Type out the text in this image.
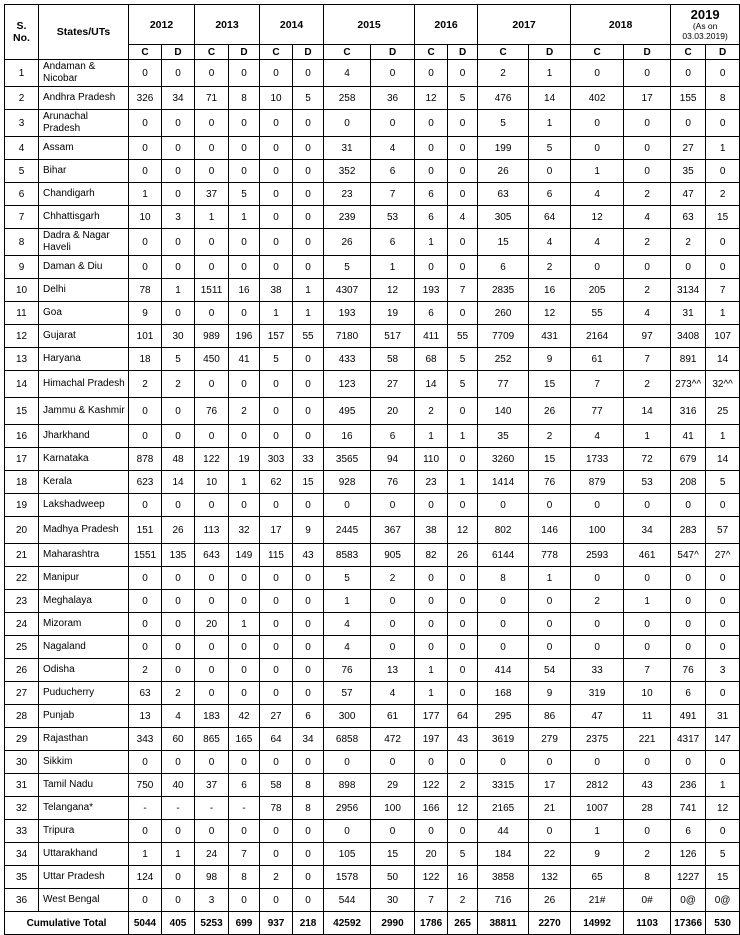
S. No.	States/UTs	2012		2013		2014		2015		2016		2017		2018		2019
(As on 03.03.2019)	

		C	D	C	D	C	D	C	D	C	D	C	D	C	D	C	D
1	Andaman & Nicobar	0	0	0	0	0	0	4	0	0	0	2	1	0	0	0	0
2	Andhra Pradesh	326	34	71	8	10	5	258	36	12	5	476	14	402	17	155	8
3	Arunachal Pradesh	0	0	0	0	0	0	0	0	0	0	5	1	0	0	0	0
4	Assam	0	0	0	0	0	0	31	4	0	0	199	5	0	0	27	1
5	Bihar	0	0	0	0	0	0	352	6	0	0	26	0	1	0	35	0
6	Chandigarh	1	0	37	5	0	0	23	7	6	0	63	6	4	2	47	2
7	Chhattisgarh	10	3	1	1	0	0	239	53	6	4	305	64	12	4	63	15
8	Dadra & Nagar Haveli	0	0	0	0	0	0	26	6	1	0	15	4	4	2	2	0
9	Daman & Diu	0	0	0	0	0	0	5	1	0	0	6	2	0	0	0	0
10	Delhi	78	1	1511	16	38	1	4307	12	193	7	2835	16	205	2	3134	7
11	Goa	9	0	0	0	1	1	193	19	6	0	260	12	55	4	31	1
12	Gujarat	101	30	989	196	157	55	7180	517	411	55	7709	431	2164	97	3408	107
13	Haryana	18	5	450	41	5	0	433	58	68	5	252	9	61	7	891	14
14	Himachal Pradesh	2	2	0	0	0	0	123	27	14	5	77	15	7	2	273^^	32^^
15	Jammu & Kashmir	0	0	76	2	0	0	495	20	2	0	140	26	77	14	316	25
16	Jharkhand	0	0	0	0	0	0	16	6	1	1	35	2	4	1	41	1
17	Karnataka	878	48	122	19	303	33	3565	94	110	0	3260	15	1733	72	679	14
18	Kerala	623	14	10	1	62	15	928	76	23	1	1414	76	879	53	208	5
19	Lakshadweep	0	0	0	0	0	0	0	0	0	0	0	0	0	0	0	0
20	Madhya Pradesh	151	26	113	32	17	9	2445	367	38	12	802	146	100	34	283	57
21	Maharashtra	1551	135	643	149	115	43	8583	905	82	26	6144	778	2593	461	547^	27^
22	Manipur	0	0	0	0	0	0	5	2	0	0	8	1	0	0	0	0
23	Meghalaya	0	0	0	0	0	0	1	0	0	0	0	0	2	1	0	0
24	Mizoram	0	0	20	1	0	0	4	0	0	0	0	0	0	0	0	0
25	Nagaland	0	0	0	0	0	0	4	0	0	0	0	0	0	0	0	0
26	Odisha	2	0	0	0	0	0	76	13	1	0	414	54	33	7	76	3
27	Puducherry	63	2	0	0	0	0	57	4	1	0	168	9	319	10	6	0
28	Punjab	13	4	183	42	27	6	300	61	177	64	295	86	47	11	491	31
29	Rajasthan	343	60	865	165	64	34	6858	472	197	43	3619	279	2375	221	4317	147
30	Sikkim	0	0	0	0	0	0	0	0	0	0	0	0	0	0	0	0
31	Tamil Nadu	750	40	37	6	58	8	898	29	122	2	3315	17	2812	43	236	1
32	Telangana*	-	-	-	-	78	8	2956	100	166	12	2165	21	1007	28	741	12
33	Tripura	0	0	0	0	0	0	0	0	0	0	44	0	1	0	6	0
34	Uttarakhand	1	1	24	7	0	0	105	15	20	5	184	22	9	2	126	5
35	Uttar Pradesh	124	0	98	8	2	0	1578	50	122	16	3858	132	65	8	1227	15
36	West Bengal	0	0	3	0	0	0	544	30	7	2	716	26	21#	0#	0@	0@
Cumulative Total		5044	405	5253	699	937	218	42592	2990	1786	265	38811	2270	14992	1103	17366	530
